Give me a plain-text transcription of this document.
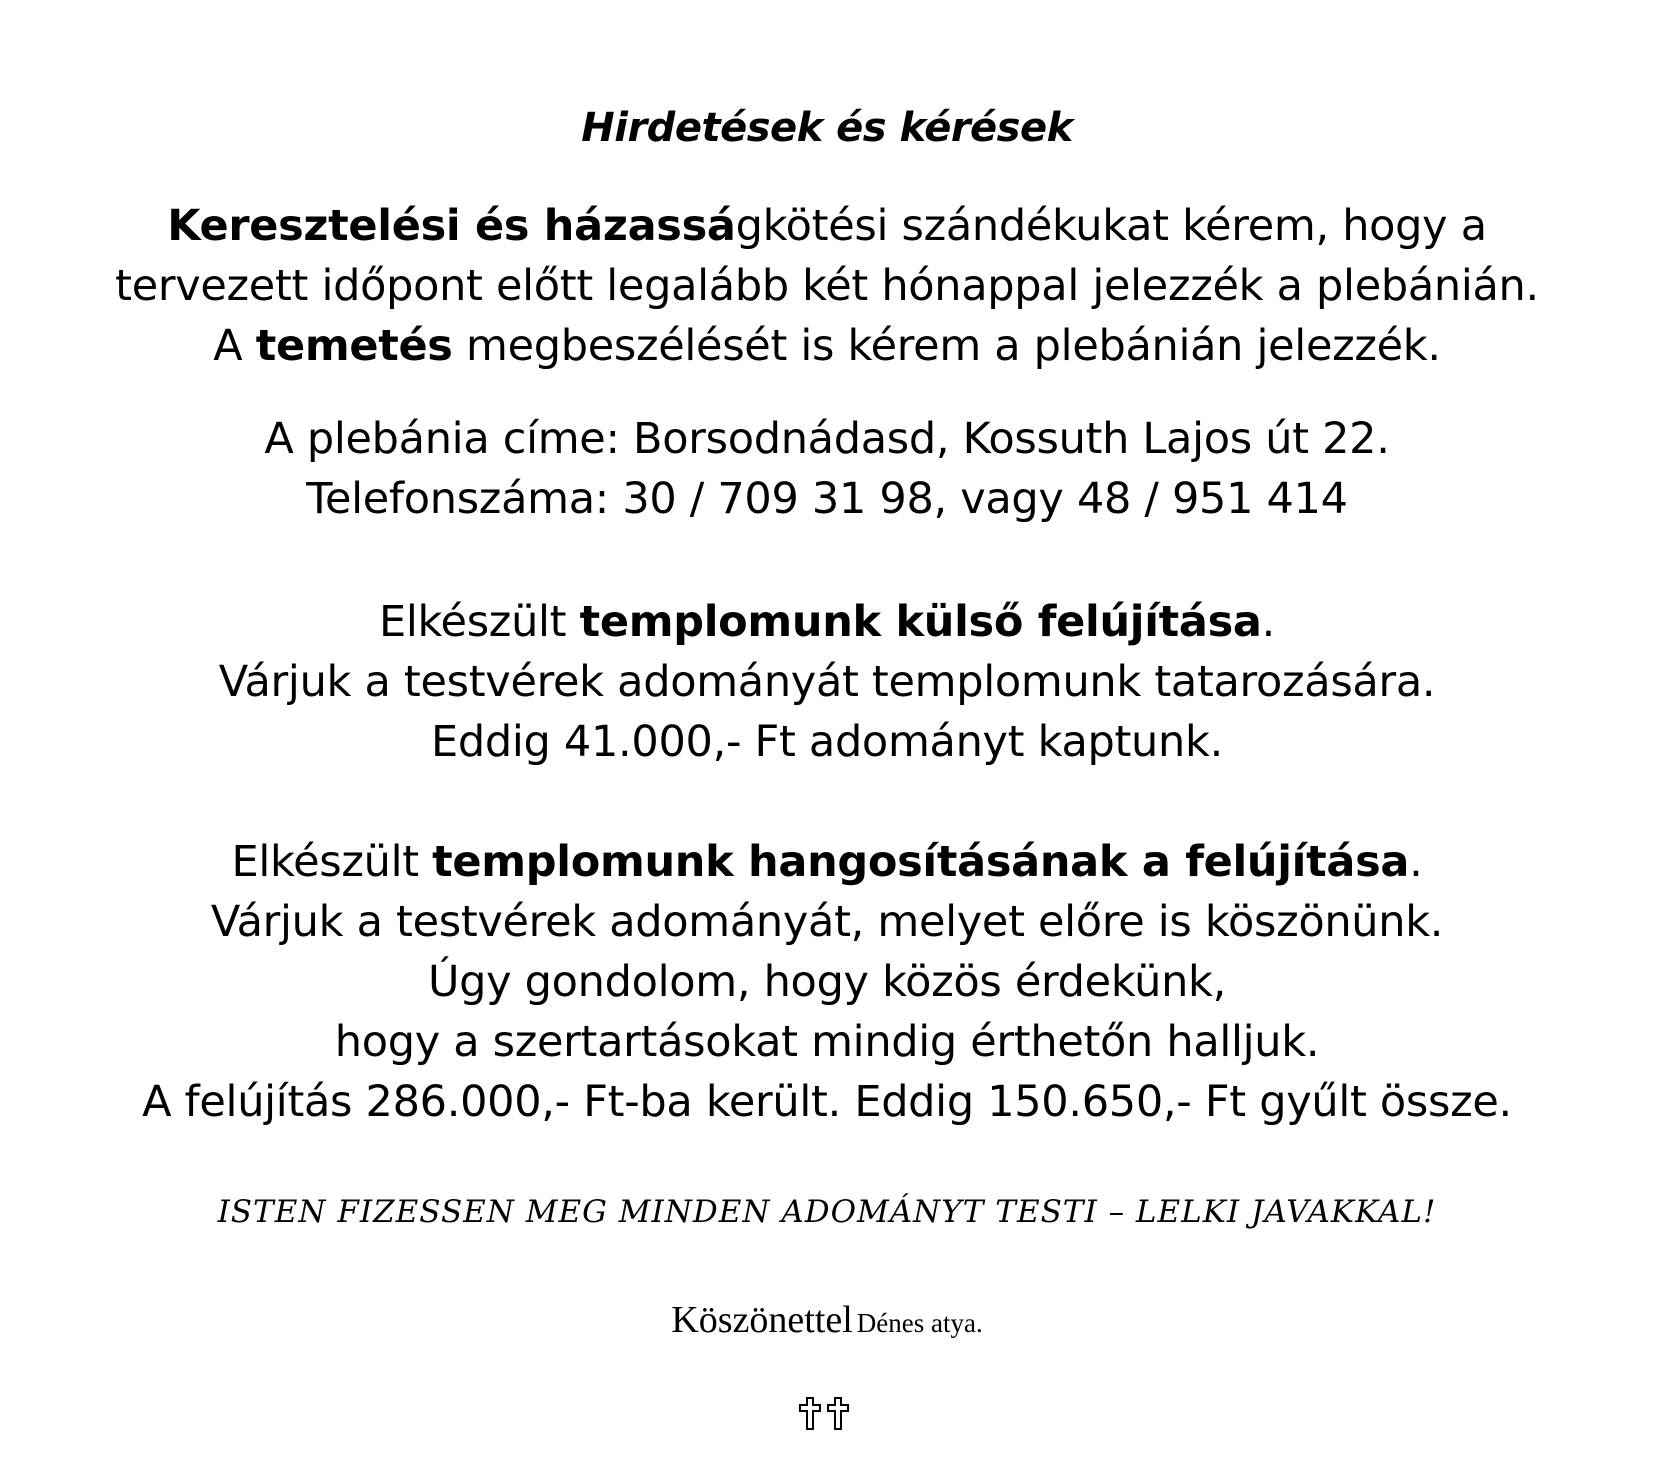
Hirdetések és kérések
Keresztelési és házasságkötési szándékukat kérem, hogy a
tervezett időpont előtt legalább két hónappal jelezzék a plebánián.
A temetés megbeszélését is kérem a plebánián jelezzék.
A plebánia címe: Borsodnádasd, Kossuth Lajos út 22.
Telefonszáma: 30 / 709 31 98, vagy 48 / 951 414
Elkészült templomunk külső felújítása.
Várjuk a testvérek adományát templomunk tatarozására.
Eddig 41.000,- Ft adományt kaptunk.
Elkészült templomunk hangosításának a felújítása.
Várjuk a testvérek adományát, melyet előre is köszönünk.
Úgy gondolom, hogy közös érdekünk,
hogy a szertartásokat mindig érthetőn halljuk.
A felújítás 286.000,- Ft-ba került. Eddig 150.650,- Ft gyűlt össze.
ISTEN FIZESSEN MEG MINDEN ADOMÁNYT TESTI – LELKI JAVAKKAL!
Köszönettel Dénes atya.
